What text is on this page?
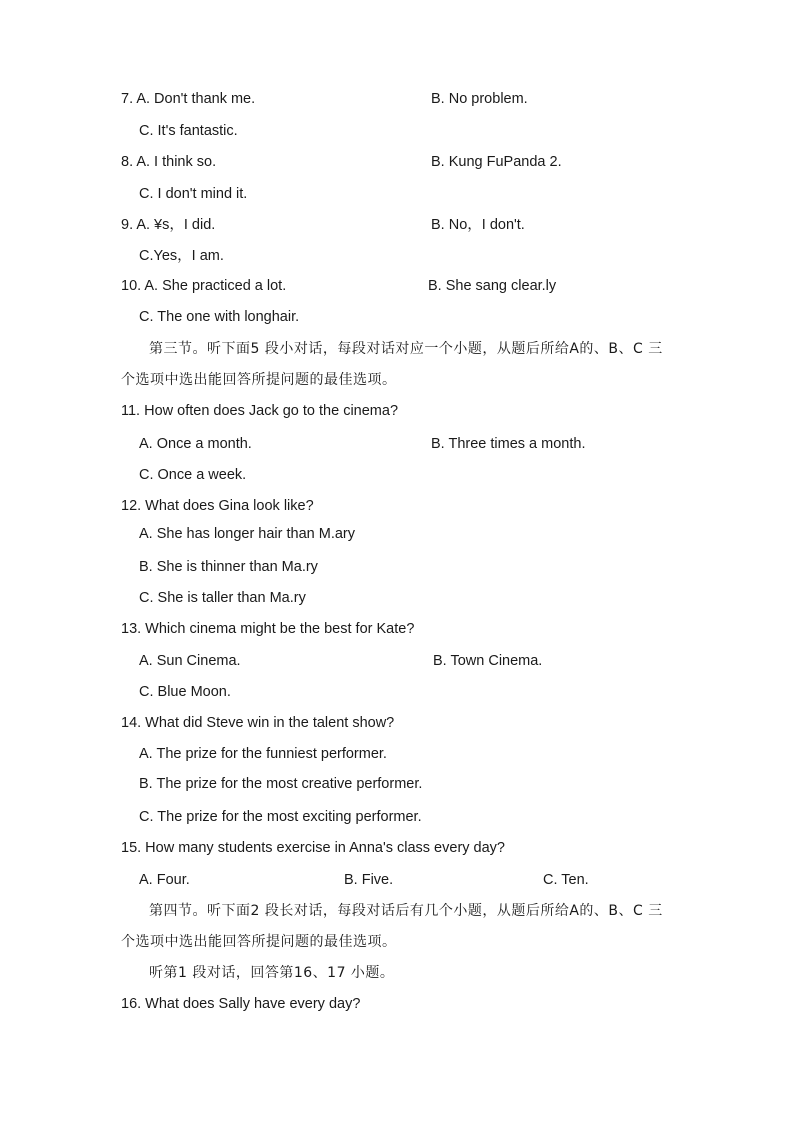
7. A. Don't thank me.	B. No problem.
C. It's fantastic.
8. A. I think so.	B. Kung FuPanda 2.
C. I don't mind it.
9. A. ¥s，I did.	B. No，I don't.
C.Yes，I am.
10. A. She practiced a lot.	B. She sang clear.ly
C. The one with longhair.
第三节。听下面5 段小对话，每段对话对应一个小题，从题后所给A的、B、C 三
个选项中选出能回答所提问题的最佳选项。
11. How often does Jack go to the cinema?
A. Once a month.	B. Three times a month.
C. Once a week.
12. What does Gina look like?
A. She has longer hair than M.ary
B. She is thinner than Ma.ry
C. She is taller than Ma.ry
13. Which cinema might be the best for Kate?
A. Sun Cinema.	B. Town Cinema.
C. Blue Moon.
14. What did Steve win in the talent show?
A. The prize for the funniest performer.
B. The prize for the most creative performer.
C. The prize for the most exciting performer.
15. How many students exercise in Anna's class every day?
A. Four.	B. Five.	C. Ten.
第四节。听下面2 段长对话，每段对话后有几个小题，从题后所给A的、B、C 三
个选项中选出能回答所提问题的最佳选项。
听第1 段对话，回答第16、17 小题。
16. What does Sally have every day?
